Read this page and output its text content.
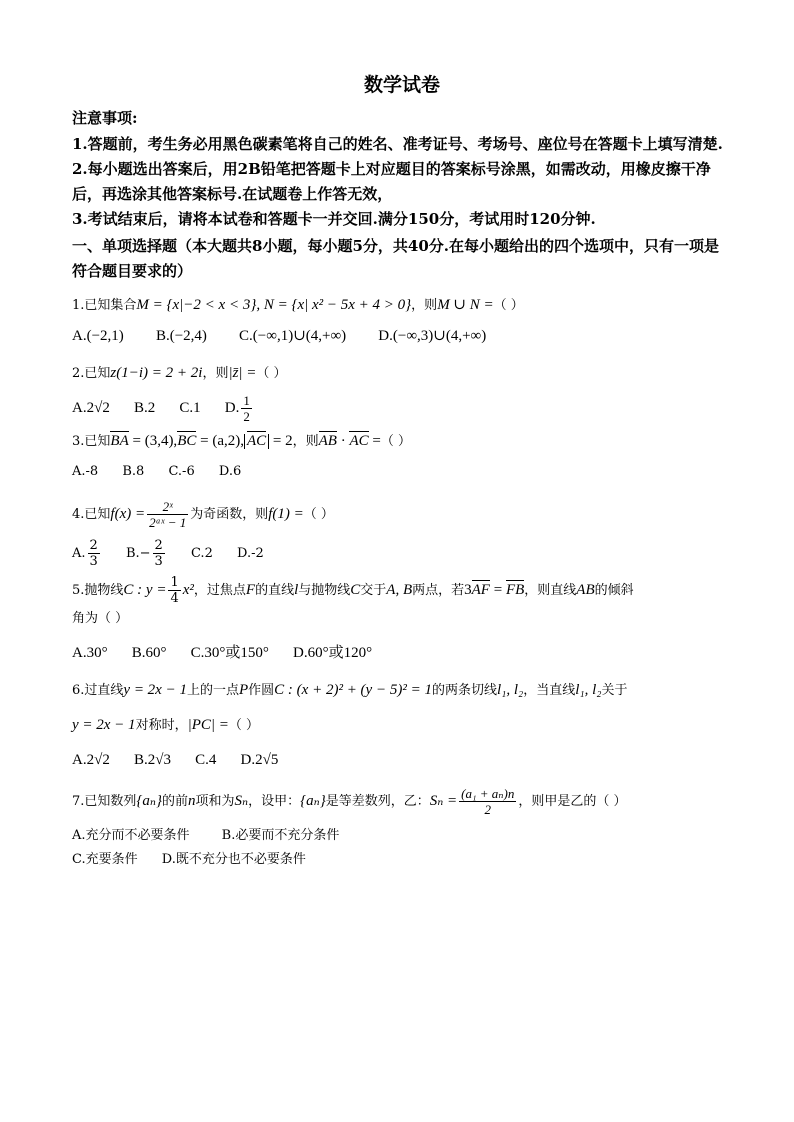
数学试卷
注意事项:
1.答题前，考生务必用黑色碳素笔将自己的姓名、准考证号、考场号、座位号在答题卡上填写清楚.
2.每小题选出答案后，用2B铅笔把答题卡上对应题目的答案标号涂黑，如需改动，用橡皮擦干净后，再选涂其他答案标号.在试题卷上作答无效，
3.考试结束后，请将本试卷和答题卡一并交回.满分150分，考试用时120分钟.
一、单项选择题（本大题共8小题，每小题5分，共40分.在每小题给出的四个选项中，只有一项是符合题目要求的）
1.已知集合M = {x|−2 < x < 3}, N = {x| x² − 5x + 4 > 0}，则M ∪ N =（ ）
A.(−2,1) B.(−2,4) C.(−∞,1)∪(4,+∞) D.(−∞,3)∪(4,+∞)
2.已知z(1−i) = 2 + 2i，则|z̄| =（ ）
A.2√2 B.2 C.1 D. $\frac{1}{2}$
3.已知BA = (3,4),BC = (a,2), AC = 2，则AB · AC =（ ）
A.-8 B.8 C.-6 D.6
4.已知$f(x) = \frac{\text{2ˣ}}{\text{2ᵃˣ − 1}}$ 为奇函数，则f(1) =（ ）
A. $\frac{2}{3} B.- \frac{2}{3} C.2$ D.-2
5.抛物线C : $y = \frac{1}{4} x^2$，过焦点F的直线l与抛物线C交于A, B两点，若3AF = FB，则直线AB的倾斜
角为（ ）
A.30° B.60° C.30°或150° D.60°或120°
6.过直线y = 2x − 1上的一点P作圆C : (x + 2)² + (y − 5)² = 1的两条切线l₁, l₂，当直线l₁, l₂关于
y = 2x − 1对称时，|PC| =（ ）
A.2√2 B.2√3 C.4 D.2√5
7.已知数列{aₙ}的前n项和为Sₙ，设甲：{aₙ}是等差数列，乙：$S_n = \frac{\text{(a₁ + aₙ)n}}{2}$ ，则甲是乙的（ ）
A.充分而不必要条件 B.必要而不充分条件
C.充要条件 D.既不充分也不必要条件
